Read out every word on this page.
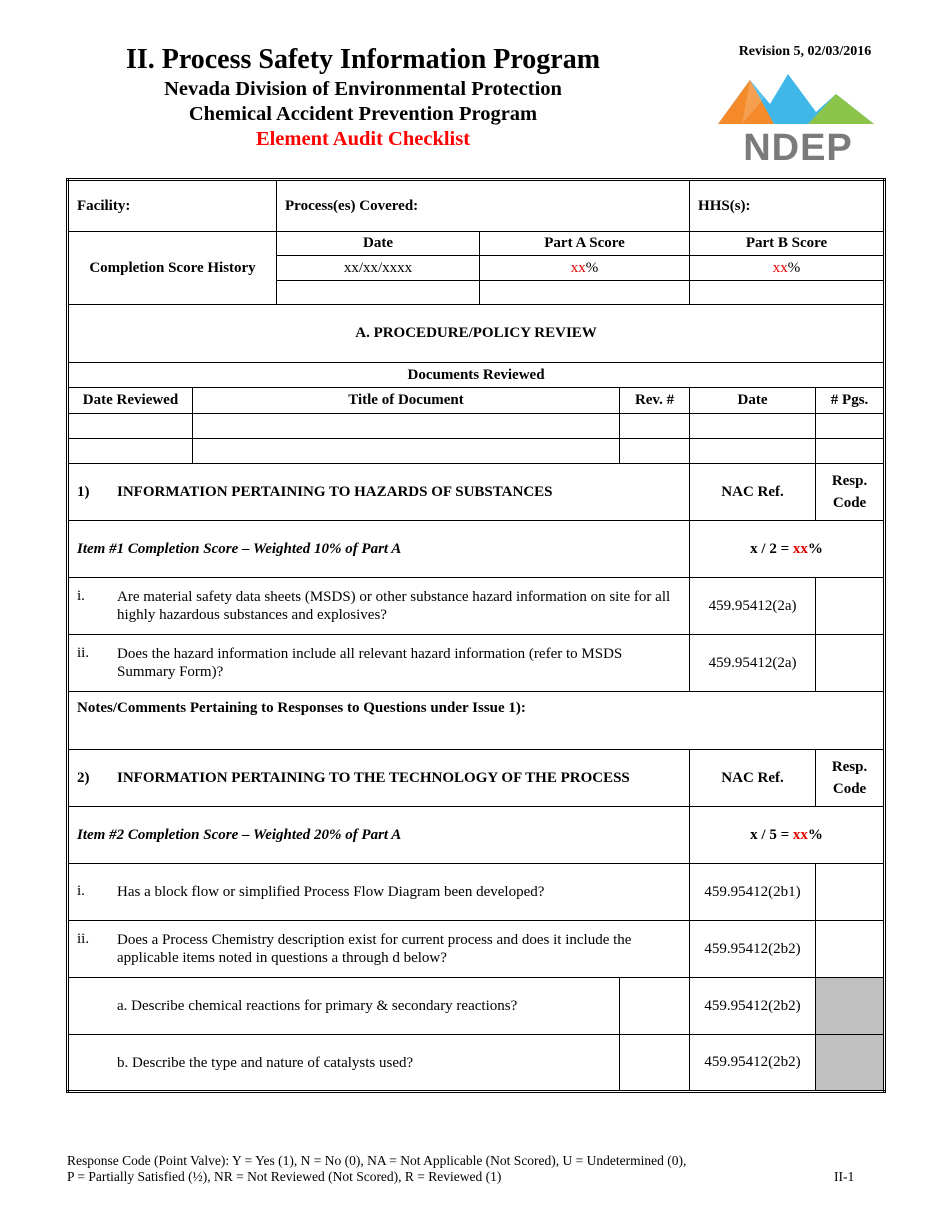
II. Process Safety Information Program
Nevada Division of Environmental Protection
Chemical Accident Prevention Program
Element Audit Checklist
Revision 5, 02/03/2016
NDEP
Facility:		Process(es) Covered:			HHS(s):	
Completion Score History		Date	Part A Score		Part B Score	
		xx/xx/xxxx	xx%		xx%	

A. PROCEDURE/POLICY REVIEW						
Documents Reviewed						
Date Reviewed	Title of Document			Rev. #	Date	# Pgs.

1) INFORMATION PERTAINING TO HAZARDS OF SUBSTANCES					NAC Ref.	Resp. Code
Item #1 Completion Score – Weighted 10% of Part A					x / 2 = xx%	

i. Are material safety data sheets (MSDS) or other substance hazard information on site for all highly hazardous substances and explosives?					459.95412(2a)	

ii. Does the hazard information include all relevant hazard information (refer to MSDS Summary Form)?					459.95412(2a)	
Notes/Comments Pertaining to Responses to Questions under Issue 1):						

2) INFORMATION PERTAINING TO THE TECHNOLOGY OF THE PROCESS					NAC Ref.	Resp. Code
Item #2 Completion Score – Weighted 20% of Part A					x / 5 = xx%	

i. Has a block flow or simplified Process Flow Diagram been developed?					459.95412(2b1)	

ii. Does a Process Chemistry description exist for current process and does it include the applicable items noted in questions a through d below?					459.95412(2b2)	

a. Describe chemical reactions for primary & secondary reactions?					459.95412(2b2)	

b. Describe the type and nature of catalysts used?					459.95412(2b2)	
Response Code (Point Valve): Y = Yes (1), N = No (0), NA = Not Applicable (Not Scored), U = Undetermined (0),
P = Partially Satisfied (½), NR = Not Reviewed (Not Scored), R = Reviewed (1)	II-1
